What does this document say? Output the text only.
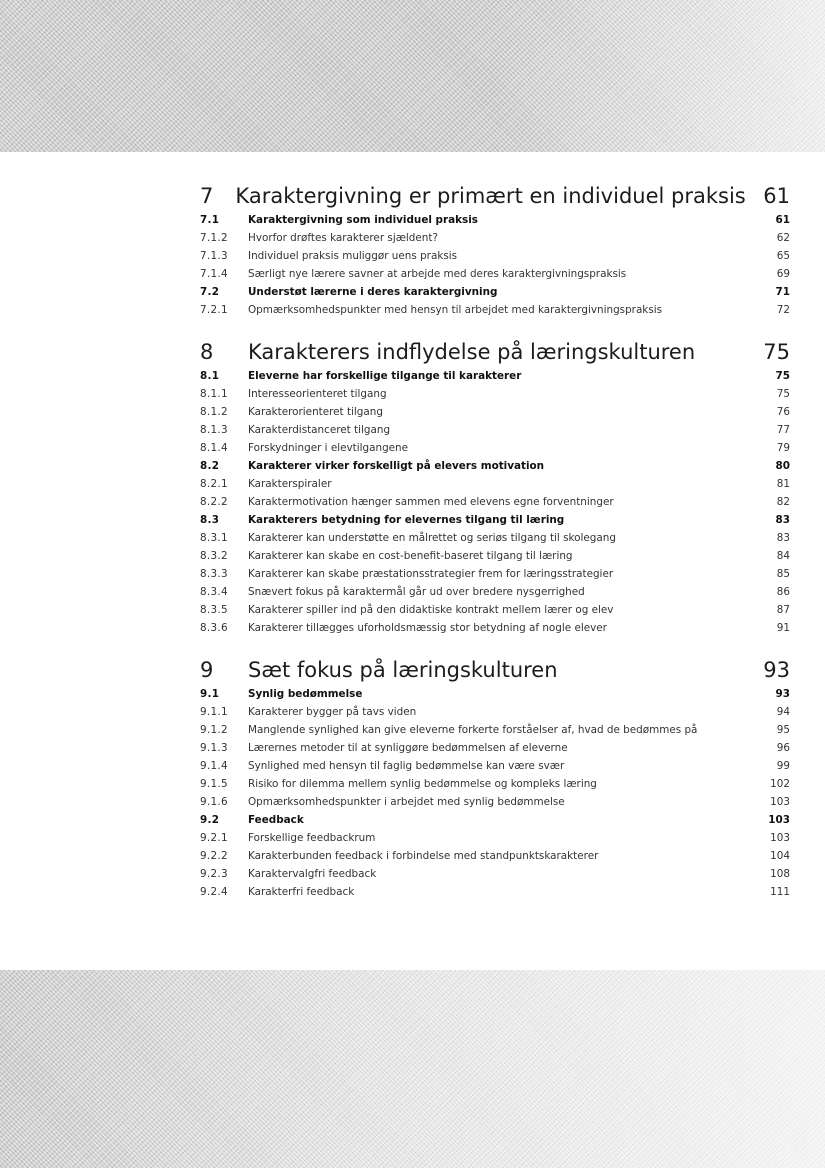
7	Karaktergivning er primært en individuel praksis 61
7.1	Karaktergivning som individuel praksis	61
7.1.2	Hvorfor drøftes karakterer sjældent?	62
7.1.3	Individuel praksis muliggør uens praksis	65
7.1.4	Særligt nye lærere savner at arbejde med deres karaktergivningspraksis	69
7.2	Understøt lærerne i deres karaktergivning	71
7.2.1	Opmærksomhedspunkter med hensyn til arbejdet med karaktergivningspraksis	72
8	Karakterers indflydelse på læringskulturen	75
8.1	Eleverne har forskellige tilgange til karakterer	75
8.1.1	Interesseorienteret tilgang	75
8.1.2	Karakterorienteret tilgang	76
8.1.3	Karakterdistanceret tilgang	77
8.1.4	Forskydninger i elevtilgangene	79
8.2	Karakterer virker forskelligt på elevers motivation	80
8.2.1	Karakterspiraler	81
8.2.2	Karaktermotivation hænger sammen med elevens egne forventninger	82
8.3	Karakterers betydning for elevernes tilgang til læring	83
8.3.1	Karakterer kan understøtte en målrettet og seriøs tilgang til skolegang	83
8.3.2	Karakterer kan skabe en cost-benefit-baseret tilgang til læring	84
8.3.3	Karakterer kan skabe præstationsstrategier frem for læringsstrategier	85
8.3.4	Snævert fokus på karaktermål går ud over bredere nysgerrighed	86
8.3.5	Karakterer spiller ind på den didaktiske kontrakt mellem lærer og elev	87
8.3.6	Karakterer tillægges uforholdsmæssig stor betydning af nogle elever	91
9	Sæt fokus på læringskulturen	93
9.1	Synlig bedømmelse	93
9.1.1	Karakterer bygger på tavs viden	94
9.1.2	Manglende synlighed kan give eleverne forkerte forståelser af, hvad de bedømmes på	95
9.1.3	Lærernes metoder til at synliggøre bedømmelsen af eleverne	96
9.1.4	Synlighed med hensyn til faglig bedømmelse kan være svær	99
9.1.5	Risiko for dilemma mellem synlig bedømmelse og kompleks læring	102
9.1.6	Opmærksomhedspunkter i arbejdet med synlig bedømmelse	103
9.2	Feedback	103
9.2.1	Forskellige feedbackrum	103
9.2.2	Karakterbunden feedback i forbindelse med standpunktskarakterer	104
9.2.3	Karaktervalgfri feedback	108
9.2.4	Karakterfri feedback	111
